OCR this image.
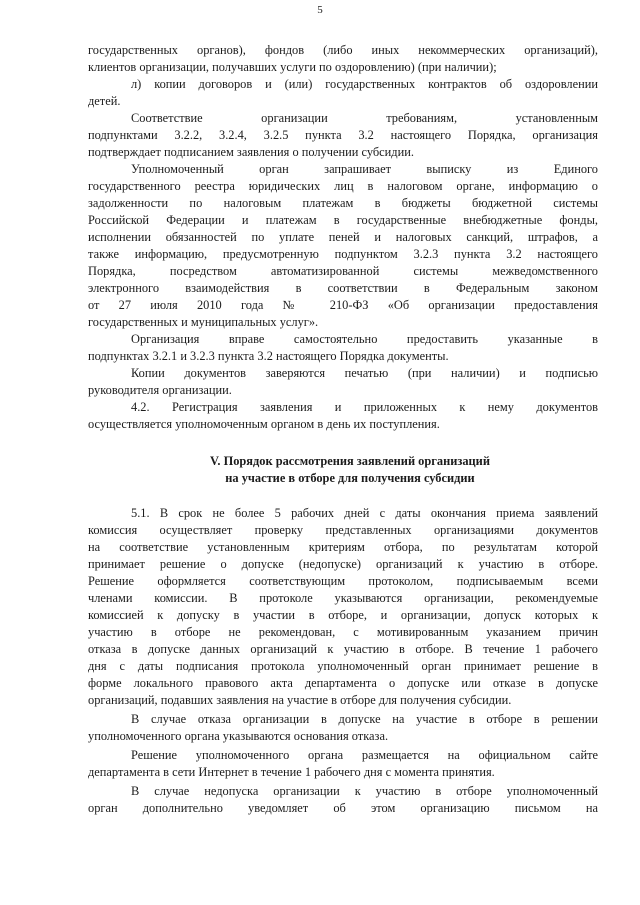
5
государственных органов), фондов (либо иных некоммерческих организаций),
клиентов организации, получавших услуги по оздоровлению) (при наличии);
л) копии договоров и (или) государственных контрактов об оздоровлении
детей.
Соответствие организации требованиям, установленным
подпунктами 3.2.2, 3.2.4, 3.2.5 пункта 3.2 настоящего Порядка, организация
подтверждает подписанием заявления о получении субсидии.
Уполномоченный орган запрашивает выписку из Единого
государственного реестра юридических лиц в налоговом органе, информацию о
задолженности по налоговым платежам в бюджеты бюджетной системы
Российской Федерации и платежам в государственные внебюджетные фонды,
исполнении обязанностей по уплате пеней и налоговых санкций, штрафов, а
также информацию, предусмотренную подпунктом 3.2.3 пункта 3.2 настоящего
Порядка, посредством автоматизированной системы межведомственного
электронного взаимодействия в соответствии в Федеральным законом
от 27 июля 2010 года № 210-ФЗ «Об организации предоставления
государственных и муниципальных услуг».
Организация вправе самостоятельно предоставить указанные в
подпунктах 3.2.1 и 3.2.3 пункта 3.2 настоящего Порядка документы.
Копии документов заверяются печатью (при наличии) и подписью
руководителя организации.
4.2. Регистрация заявления и приложенных к нему документов
осуществляется уполномоченным органом в день их поступления.
V. Порядок рассмотрения заявлений организаций
на участие в отборе для получения субсидии
5.1. В срок не более 5 рабочих дней с даты окончания приема заявлений
комиссия осуществляет проверку представленных организациями документов
на соответствие установленным критериям отбора, по результатам которой
принимает решение о допуске (недопуске) организаций к участию в отборе.
Решение оформляется соответствующим протоколом, подписываемым всеми
членами комиссии. В протоколе указываются организации, рекомендуемые
комиссией к допуску в участии в отборе, и организации, допуск которых к
участию в отборе не рекомендован, с мотивированным указанием причин
отказа в допуске данных организаций к участию в отборе. В течение 1 рабочего
дня с даты подписания протокола уполномоченный орган принимает решение в
форме локального правового акта департамента о допуске или отказе в допуске
организаций, подавших заявления на участие в отборе для получения субсидии.
В случае отказа организации в допуске на участие в отборе в решении
уполномоченного органа указываются основания отказа.
Решение уполномоченного органа размещается на официальном сайте
департамента в сети Интернет в течение 1 рабочего дня с момента принятия.
В случае недопуска организации к участию в отборе уполномоченный
орган дополнительно уведомляет об этом организацию письмом на
